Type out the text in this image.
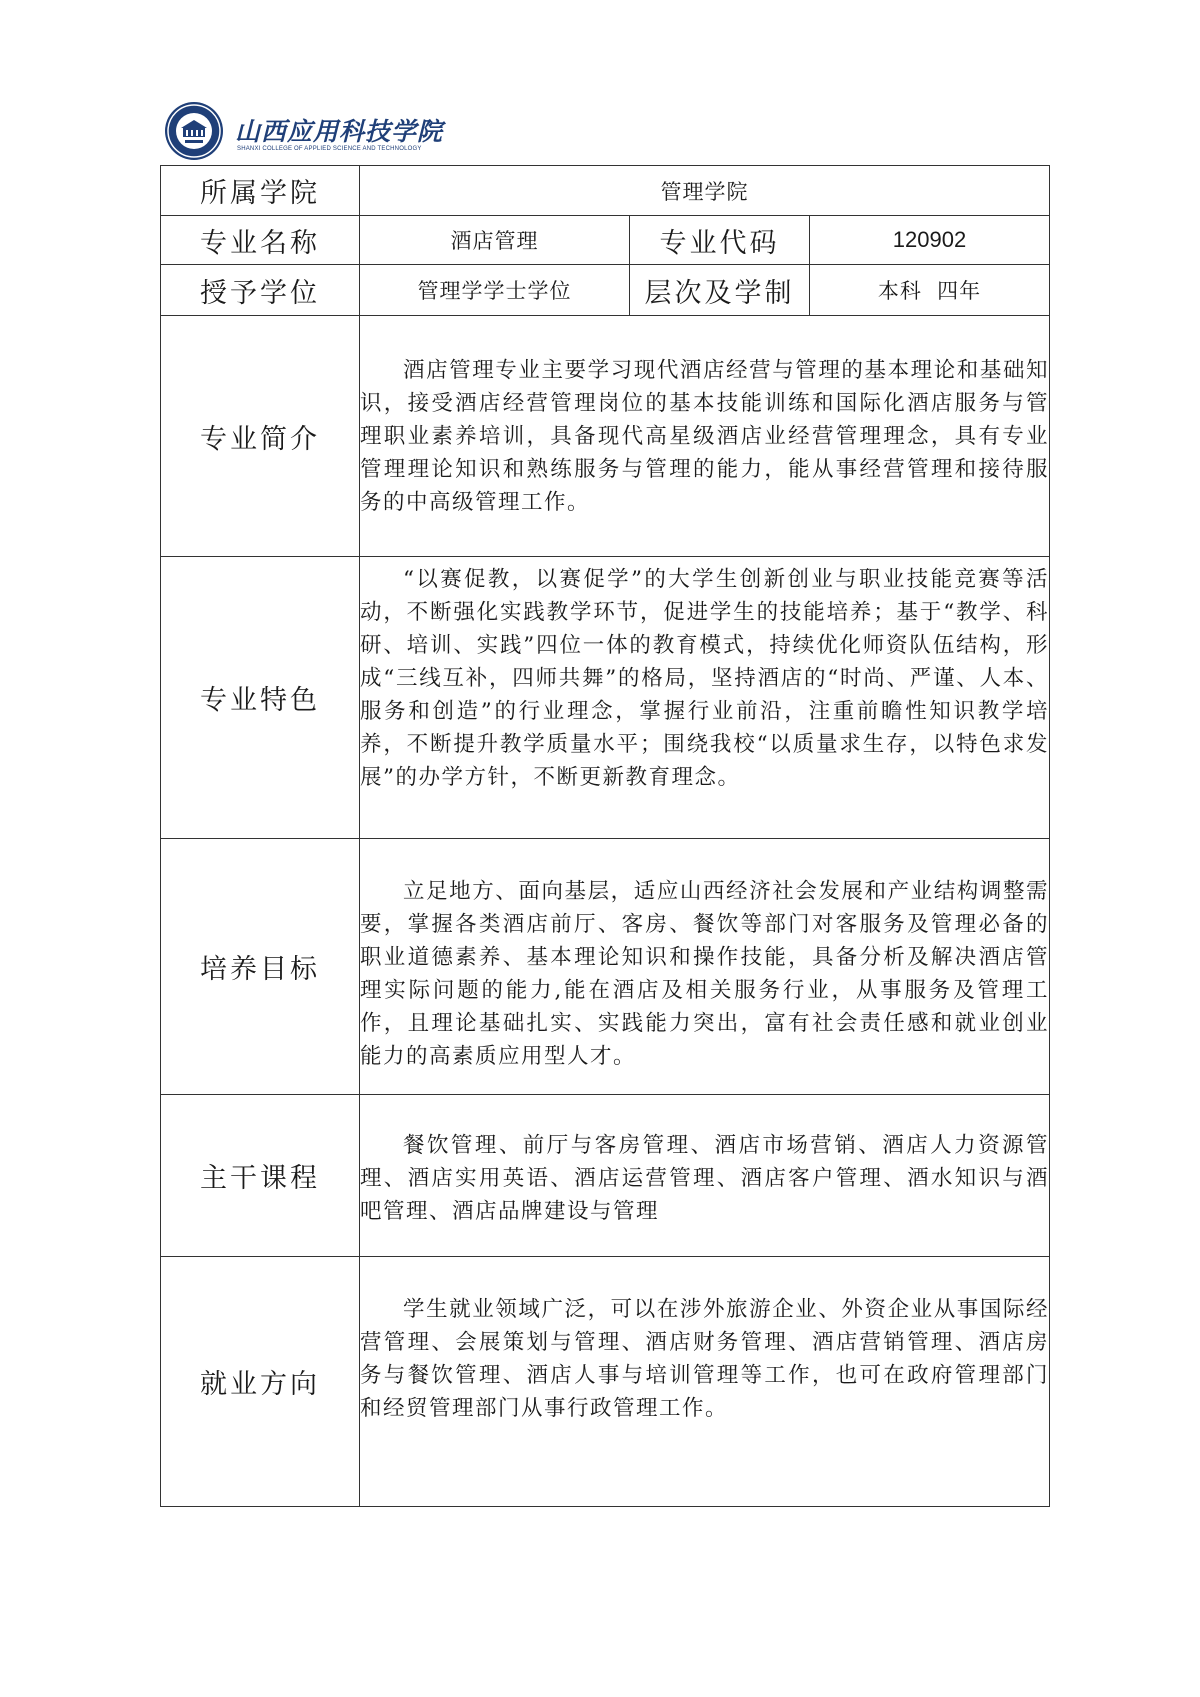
山西应用科技学院
SHANXI COLLEGE OF APPLIED SCIENCE AND TECHNOLOGY
所属学院	管理学院		
专业名称	酒店管理	专业代码	120902
授予学位	管理学学士学位	层次及学制	本科  四年
专业简介	酒店管理专业主要学习现代酒店经营与管理的基本理论和基础知识，接受酒店经营管理岗位的基本技能训练和国际化酒店服务与管理职业素养培训，具备现代高星级酒店业经营管理理念，具有专业管理理论知识和熟练服务与管理的能力，能从事经营管理和接待服务的中高级管理工作。		

专业特色	“以赛促教，以赛促学”的大学生创新创业与职业技能竞赛等活动，不断强化实践教学环节，促进学生的技能培养；基于“教学、科研、培训、实践”四位一体的教育模式，持续优化师资队伍结构，形成“三线互补，四师共舞”的格局，坚持酒店的“时尚、严谨、人本、服务和创造”的行业理念，掌握行业前沿，注重前瞻性知识教学培养，不断提升教学质量水平；围绕我校“以质量求生存，以特色求发展”的办学方针，不断更新教育理念。		

培养目标	立足地方、面向基层，适应山西经济社会发展和产业结构调整需要，掌握各类酒店前厅、客房、餐饮等部门对客服务及管理必备的职业道德素养、基本理论知识和操作技能，具备分析及解决酒店管理实际问题的能力,能在酒店及相关服务行业，从事服务及管理工作，且理论基础扎实、实践能力突出，富有社会责任感和就业创业能力的高素质应用型人才。		

主干课程	餐饮管理、前厅与客房管理、酒店市场营销、酒店人力资源管理、酒店实用英语、酒店运营管理、酒店客户管理、酒水知识与酒吧管理、酒店品牌建设与管理		

就业方向	学生就业领域广泛，可以在涉外旅游企业、外资企业从事国际经营管理、会展策划与管理、酒店财务管理、酒店营销管理、酒店房务与餐饮管理、酒店人事与培训管理等工作，也可在政府管理部门和经贸管理部门从事行政管理工作。		
